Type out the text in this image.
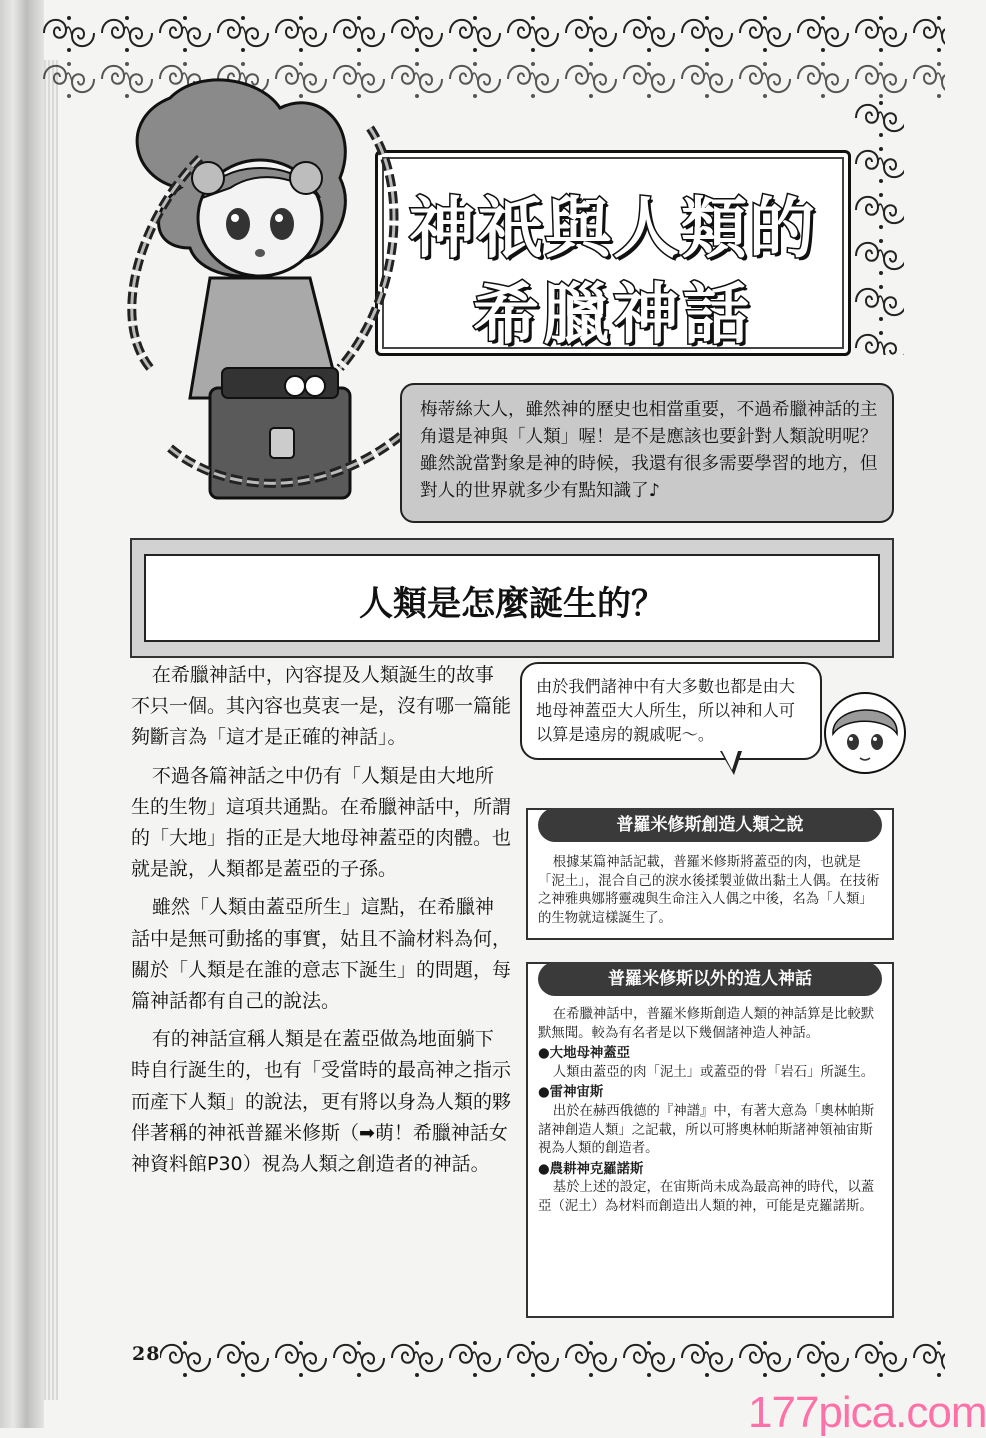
神祇與人類的
希臘神話
梅蒂絲大人，雖然神的歷史也相當重要，不過希臘神話的主角還是神與「人類」喔！是不是應該也要針對人類說明呢？雖然說當對象是神的時候，我還有很多需要學習的地方，但對人的世界就多少有點知識了♪
人類是怎麼誕生的？

在希臘神話中，內容提及人類誕生的故事不只一個。其內容也莫衷一是，沒有哪一篇能夠斷言為「這才是正確的神話」。

不過各篇神話之中仍有「人類是由大地所生的生物」這項共通點。在希臘神話中，所謂的「大地」指的正是大地母神蓋亞的肉體。也就是說，人類都是蓋亞的子孫。

雖然「人類由蓋亞所生」這點，在希臘神話中是無可動搖的事實，姑且不論材料為何，關於「人類是在誰的意志下誕生」的問題，每篇神話都有自己的說法。

有的神話宣稱人類是在蓋亞做為地面躺下時自行誕生的，也有「受當時的最高神之指示而產下人類」的說法，更有將以身為人類的夥伴著稱的神祇普羅米修斯（➡萌！希臘神話女神資料館P30）視為人類之創造者的神話。

由於我們諸神中有大多數也都是由大地母神蓋亞大人所生，所以神和人可以算是遠房的親戚呢〜。
普羅米修斯創造人類之說

根據某篇神話記載，普羅米修斯將蓋亞的肉，也就是「泥土」，混合自己的淚水後揉製並做出黏土人偶。在技術之神雅典娜將靈魂與生命注入人偶之中後，名為「人類」的生物就這樣誕生了。

普羅米修斯以外的造人神話

在希臘神話中，普羅米修斯創造人類的神話算是比較默默無聞。較為有名者是以下幾個諸神造人神話。

●大地母神蓋亞

人類由蓋亞的肉「泥土」或蓋亞的骨「岩石」所誕生。

●雷神宙斯

出於在赫西俄德的『神譜』中，有著大意為「奧林帕斯諸神創造人類」之記載，所以可將奧林帕斯諸神領袖宙斯視為人類的創造者。

●農耕神克羅諾斯

基於上述的設定，在宙斯尚未成為最高神的時代，以蓋亞（泥土）為材料而創造出人類的神，可能是克羅諾斯。

28
177pica.com
